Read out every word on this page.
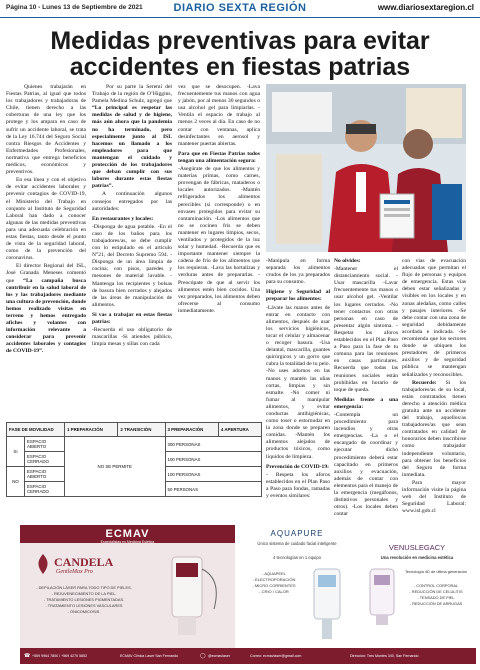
Página 10 - Lunes 13 de Septiembre de 2021	DIARIO SEXTA REGIÓN	www.diariosextaregion.cl
Medidas preventivas para evitar accidentes en fiestas patrias

Quienes trabajarán en Fiestas Patrias, al igual que todos los trabajadores y trabajadoras de Chile, tienen derecho a las coberturas de una ley que los protege y los ampara en caso de sufrir un accidente laboral, se trata de la Ley 16.744 del Seguro Social contra Riesgos de Accidentes y Enfermedades Profesionales, normativa que entrega beneficios médicos, económicos y preventivos.

En esa línea y con el objetivo de evitar accidentes laborales y prevenir contagios de COVID-19, el Ministerio del Trabajo en conjunto al Instituto de Seguridad Laboral han dado a conocer algunas de las medidas preventivas para una adecuada celebración en estas fiestas, tanto desde el punto de vista de la seguridad laboral, como de la prevención del coronavirus.

El director Regional del ISL, José Granada Meneses comentó que “La campaña busca contribuir en la salud laboral de los y las trabajadores mediante una cultura de prevención, donde hemos realizado visitas en terreno y hemos entregado afiches y volantes con información relevante a considerar para prevenir accidentes laborales y contagios de COVID-19”.

Por su parte la Seremi del Trabajo de la región de O’Higgins, Pamela Medina Schulz, agregó que “Lo principal es respetar las medidas de salud y de higiene, más aún ahora que la pandemia no ha terminado, pero especialmente junto al ISL hacemos un llamado a los empleadores para que mantengan el cuidado y protección de los trabajadores que deban cumplir con sus labores durante estas fiestas patrias”.

A continuación algunos consejos entregados por las autoridades:

En restaurantes y locales:

-Disponga de agua potable. -En el caso de los baños para los trabajadores/as, se debe cumplir con lo estipulado en el artículo N°21, del Decreto Supremo 594. -Disponga de un área limpia de cocina; con pisos, paredes y mesones de material lavable. -Mantenga los recipientes y bolsas de basura bien cerrados y alejados de las áreas de manipulación de alimentos.

Si vas a trabajar en estas fiestas patrias:

-Recuerda el uso obligatorio de mascarillas -Si atiendes público, limpia mesas y sillas con cada

vez que se desocupen. -Lava frecuentemente tus manos con agua y jabón, por al menos 30 segundos o usa alcohol gel para limpiarlas. -Ventila el espacio de trabajo al menos 2 veces al día. En caso de no contar con ventanas, aplica desinfectantes en aerosol y mantener puertas abiertas.

Para que en Fiestas Patrias todos tengan una alimentación segura:

-Asegúrate de que los alimentos y materias primas, como carnes, provengan de fábricas, mataderos o locales autorizados. -Mantén refrigerados los alimentos perecibles (si corresponde) o en envases protegidos para evitar su contaminación. -Los alimentos que no se cocinen fris se deben mantener en lugares limpios, secos, ventilados y protegidos de la luz solar y humedad. -Recuerda que es importante mantener siempre la cadena de frío de los alimentos que los requieran. -Lava las hortalizas y verduras antes de prepararlas. -Preocúpate de que al servir los alimentos estén bien cocidos. Una vez preparados, los alimentos deben ofrecerse al consumo inmediatamente.

-Manipula en forma separada los alimentos crudos de los ya preparados para su consumo.

Higiene y Seguridad al preparar los alimentos:

-Lávate las manos antes de entrar en contacto con alimentos, después de usar los servicios higiénicos, tocar el celular y almacenar o recoger basura. -Usa delantal, mascarilla, guantes quirúrgicos y un gorro que cubra la totalidad de tu pelo. -No uses adornos en las manos y mantén las uñas cortas, limpias y sin esmalte. -No comer ni fumar al manipular alimentos, y evitar conductas antihigiénicas, como toser o estornudar en la zona donde se preparen comidas. -Mantén los alimentos alejados de productos tóxicos, como líquidos de limpieza.

Prevención de COVID-19:

- Respeta los aforos establecidos en el Plan Paso a Paso para fondas, ramadas y eventos similares:

No olvides:

-Mantener el distanciamiento social. -Usar mascarilla -Lavar frecuentemente tus manos o usar alcohol gel. -Ventilar los lugares cerrados. -No tener contactos con otras personas en caso de presentar algún síntoma. -Respetar los aforos establecidos en el Plan Paso a Paso para la fase de tu comuna para las reuniones en casas particulares. Recuerda que todas las reuniones sociales están prohibidas en horario de toque de queda.

Medidas frente a una emergencia:

-Contempla un procedimiento para incendios y otras emergencias. -La o el encargado de coordinar y ejecutar dicho procedimiento deberá estar capacitado en primeros auxilios y evacuación, además de contar con elementos para el manejo de la emergencia (megáfonos, distintivos personales y otros). -Los locales deben contar

con vías de evacuación adecuadas que permitan el flujo de personas y equipos de emergencia. Estas vías deben estar señalizadas y visibles en los locales y en zonas aledañas, como calles y pasajes interiores. -Se debe contar con una zona de seguridad debidamente acordada e indicada. -Se recomienda que los sectores donde se ubiquen los prestadores de primeros auxilios y de seguridad pública se mantengan señalizados y reconocibles.

Recuerde: Si los trabajadores/as de su local, están contratados tienen derecho a atención médica gratuita ante un accidente del trabajo, aquellos/as trabajadores/as que sean contratados en calidad de honorarios deben inscribirse como trabajador independiente voluntario, para obtener los beneficios del Seguro de forma inmediata.

Para mayor información visite la página web del Instituto de Seguridad Laboral: www.isl.gob.cl

FASE DE MOVILIDAD		1 PREPARACIÓN	2 TRANSICIÓN	3 PREPARACIÓN	4 APERTURA
SI	ESPACIO ABIERTO	NO SE PERMITE		300 PERSONAS	
	ESPACIO CERRADO			100 PERSONAS	
NO	ESPACIO ABIERTO			100 PERSONAS	
	ESPACIO CERRADO			50 PERSONAS	
ECMAV
Especialistas en Medicina Estética
CANDELA
GentleMax Pro
- DEPILACIÓN LÁSER PARA TODO TIPO DE PIELES.
- REJUVENECIMIENTO DE LA PIEL.
- TRATAMIENTO LESIONES PIGMENTADAS.
- TRATAMIENTO LESIONES VASCULARES
- ONICOMICOSIS.
AQUAPURE
Único sistema de cuidado facial inteligente
4 tecnologías en 1 equipo
- AQUAPEEL
- ELECTROPORACIÓN
- MICRO CORRIENTES
- CRIO / CALOR
VENUSLEGACY
Una revolución en medicina estética
Tecnología 4D de última generación
- CONTROL CORPORAL
- REDUCCIÓN DE CELULITIS
- TENSADO DE PIEL
- REDUCCIÓN DE ARRUGAS
☎ +569 9964 7800 / +569 4270 5852	ECMAV Clinica Laser San Fernando	◯ @ecmavlaser	Correo: ecmavlaser@gmail.com	Dirección: Tres Montes 340, San Fernando
